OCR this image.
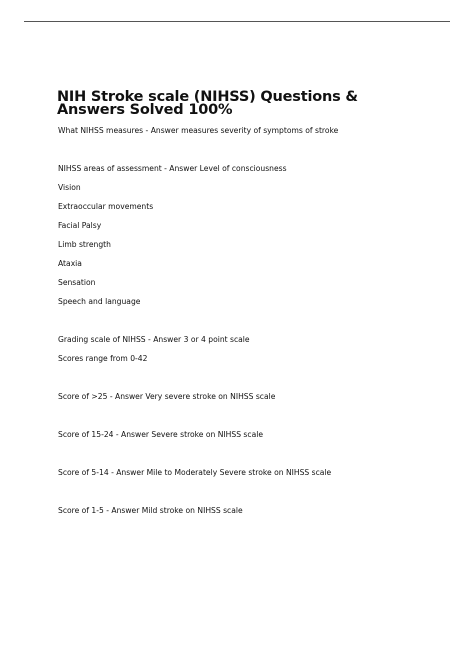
NIH Stroke scale (NIHSS) Questions & Answers Solved 100%

What NIHSS measures - Answer measures severity of symptoms of stroke

NIHSS areas of assessment - Answer Level of consciousness

Vision

Extraoccular movements

Facial Palsy

Limb strength

Ataxia

Sensation

Speech and language

Grading scale of NIHSS - Answer 3 or 4 point scale

Scores range from 0-42

Score of >25 - Answer Very severe stroke on NIHSS scale

Score of 15-24 - Answer Severe stroke on NIHSS scale

Score of 5-14 - Answer Mile to Moderately Severe stroke on NIHSS scale

Score of 1-5 - Answer Mild stroke on NIHSS scale
